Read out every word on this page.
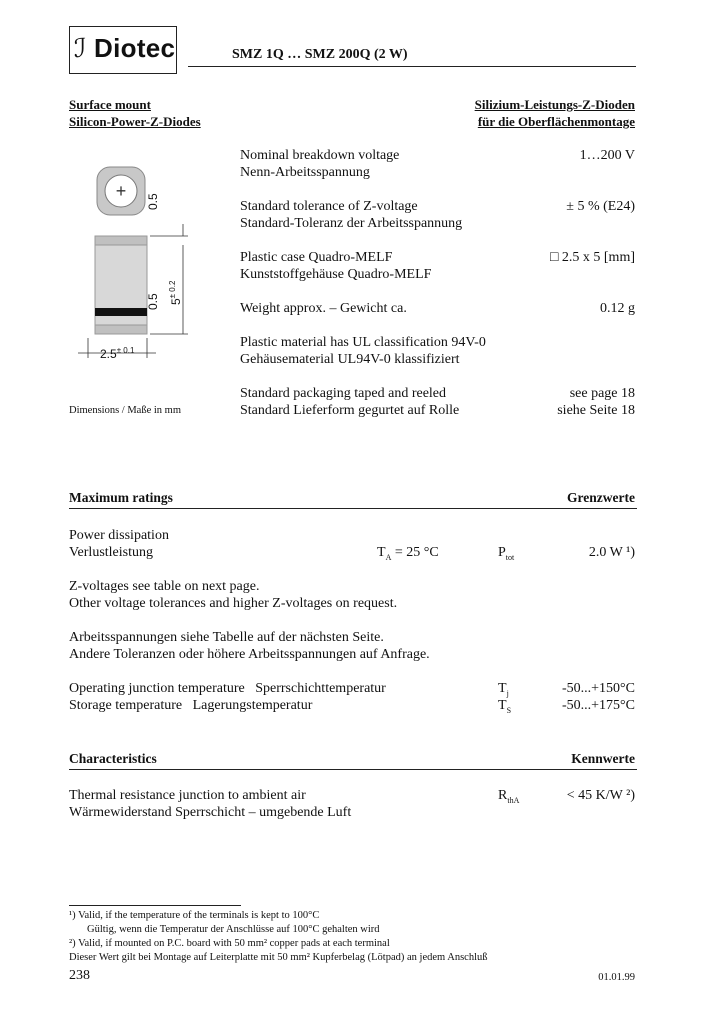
ℐ Diotec	SMZ 1Q … SMZ 200Q (2 W)
Surface mount
Silicon-Power-Z-Diodes
Silizium-Leistungs-Z-Dioden
für die Oberflächenmontage
+
0.5
0.5 $5^{\pm 0.2}$
$2.5^{\pm 0.1}$
Dimensions / Maße in mm
Nominal breakdown voltage
Nenn-Arbeitsspannung
1…200 V
Standard tolerance of Z-voltage
Standard-Toleranz der Arbeitsspannung
± 5 % (E24)
Plastic case Quadro-MELF
Kunststoffgehäuse Quadro-MELF
□ 2.5 x 5 [mm]
Weight approx. – Gewicht ca.	0.12 g
Plastic material has UL classification 94V-0
Gehäusematerial UL94V-0 klassifiziert
Standard packaging taped and reeled
Standard Lieferform gegurtet auf Rolle
see page 18
siehe Seite 18
Maximum ratings	Grenzwerte
Power dissipation
Verlustleistung	$T_A = 25$ °C	$P_{tot}$	2.0 W ¹)
Z-voltages see table on next page.
Other voltage tolerances and higher Z-voltages on request.
Arbeitsspannungen siehe Tabelle auf der nächsten Seite.
Andere Toleranzen oder höhere Arbeitsspannungen auf Anfrage.
Operating junction temperature Sperrschichttemperatur	$T_j$	-50...+150°C
Storage temperature Lagerungstemperatur	$T_S$	-50...+175°C
Characteristics	Kennwerte
Thermal resistance junction to ambient air
Wärmewiderstand Sperrschicht – umgebende Luft
$R_{thA}$	< 45 K/W ²)
¹) Valid, if the temperature of the terminals is kept to 100°C
Gültig, wenn die Temperatur der Anschlüsse auf 100°C gehalten wird
²) Valid, if mounted on P.C. board with 50 mm² copper pads at each terminal
Dieser Wert gilt bei Montage auf Leiterplatte mit 50 mm² Kupferbelag (Lötpad) an jedem Anschluß
238	01.01.99
